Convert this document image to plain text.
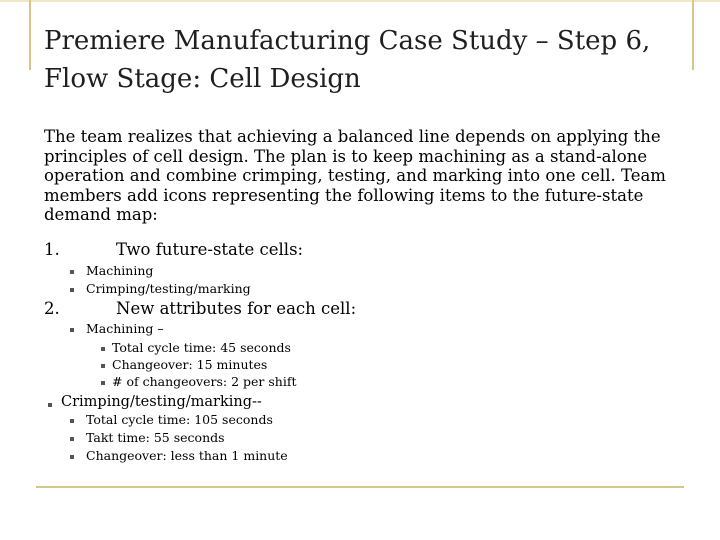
Premiere Manufacturing Case Study – Step 6,
Flow Stage: Cell Design
The team realizes that achieving a balanced line depends on applying the principles of cell design. The plan is to keep machining as a stand-alone operation and combine crimping, testing, and marking into one cell. Team members add icons representing the following items to the future-state demand map:
1.	Two future-state cells:
Machining
Crimping/testing/marking
2.	New attributes for each cell:
Machining –
Total cycle time: 45 seconds
Changeover: 15 minutes
# of changeovers: 2 per shift
Crimping/testing/marking--
Total cycle time: 105 seconds
Takt time: 55 seconds
Changeover: less than 1 minute
